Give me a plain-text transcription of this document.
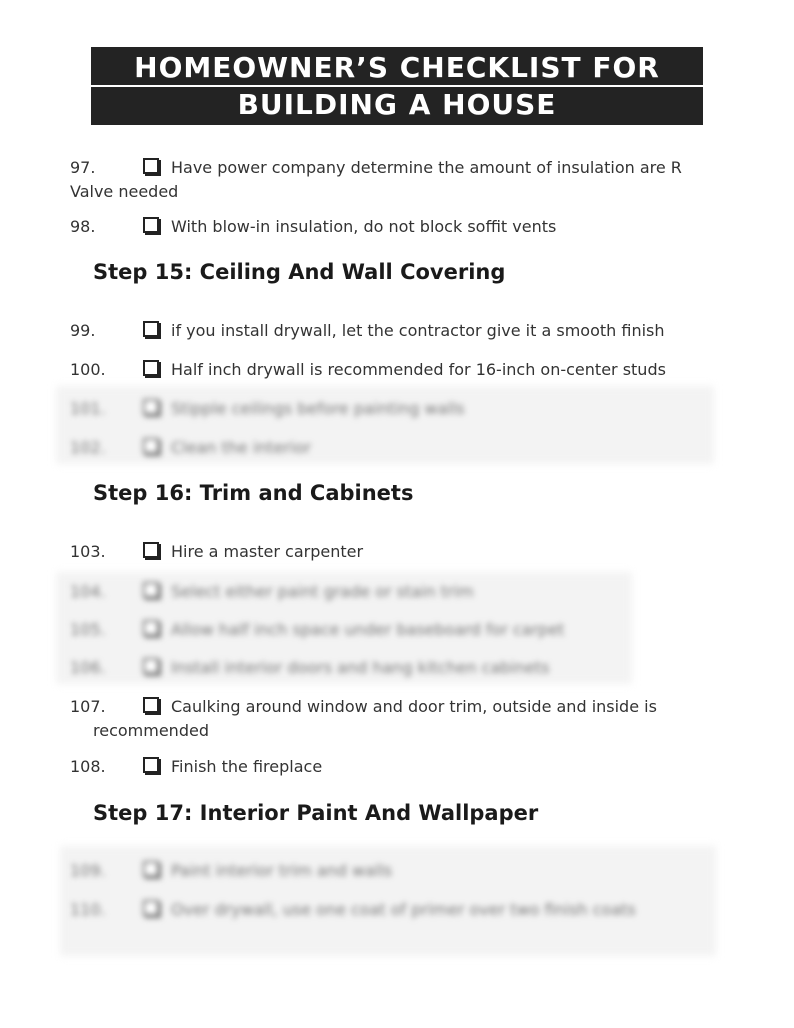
HOMEOWNER’S CHECKLIST FOR
BUILDING A HOUSE
97.	Have power company determine the amount of insulation are R
Valve needed
98.	With blow-in insulation, do not block soffit vents
Step 15: Ceiling And Wall Covering
99.	if you install drywall, let the contractor give it a smooth finish
100.	Half inch drywall is recommended for 16-inch on-center studs
101.	Stipple ceilings before painting walls
102.	Clean the interior
Step 16: Trim and Cabinets
103.	Hire a master carpenter
104.	Select either paint grade or stain trim
105.	Allow half inch space under baseboard for carpet
106.	Install interior doors and hang kitchen cabinets
107.	Caulking around window and door trim, outside and inside is
recommended
108.	Finish the fireplace
Step 17: Interior Paint And Wallpaper
109.	Paint interior trim and walls
110.	Over drywall, use one coat of primer over two finish coats
